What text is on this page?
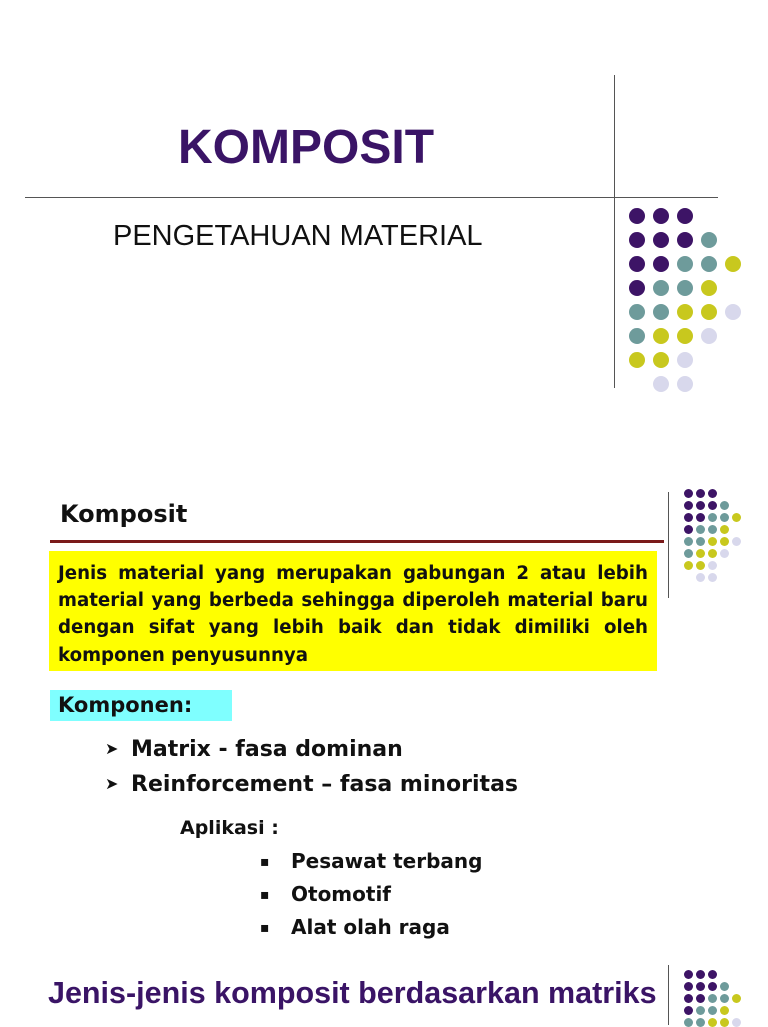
KOMPOSIT
PENGETAHUAN MATERIAL
Komposit

Jenis material yang merupakan gabungan 2 atau lebih material yang berbeda sehingga diperoleh material baru dengan sifat yang lebih baik dan tidak dimiliki oleh komponen penyusunnya

Komponen:
➤ Matrix - fasa dominan
➤ Reinforcement – fasa minoritas
Aplikasi :
▪ Pesawat terbang
▪ Otomotif
▪ Alat olah raga
Jenis-jenis komposit berdasarkan matriks
